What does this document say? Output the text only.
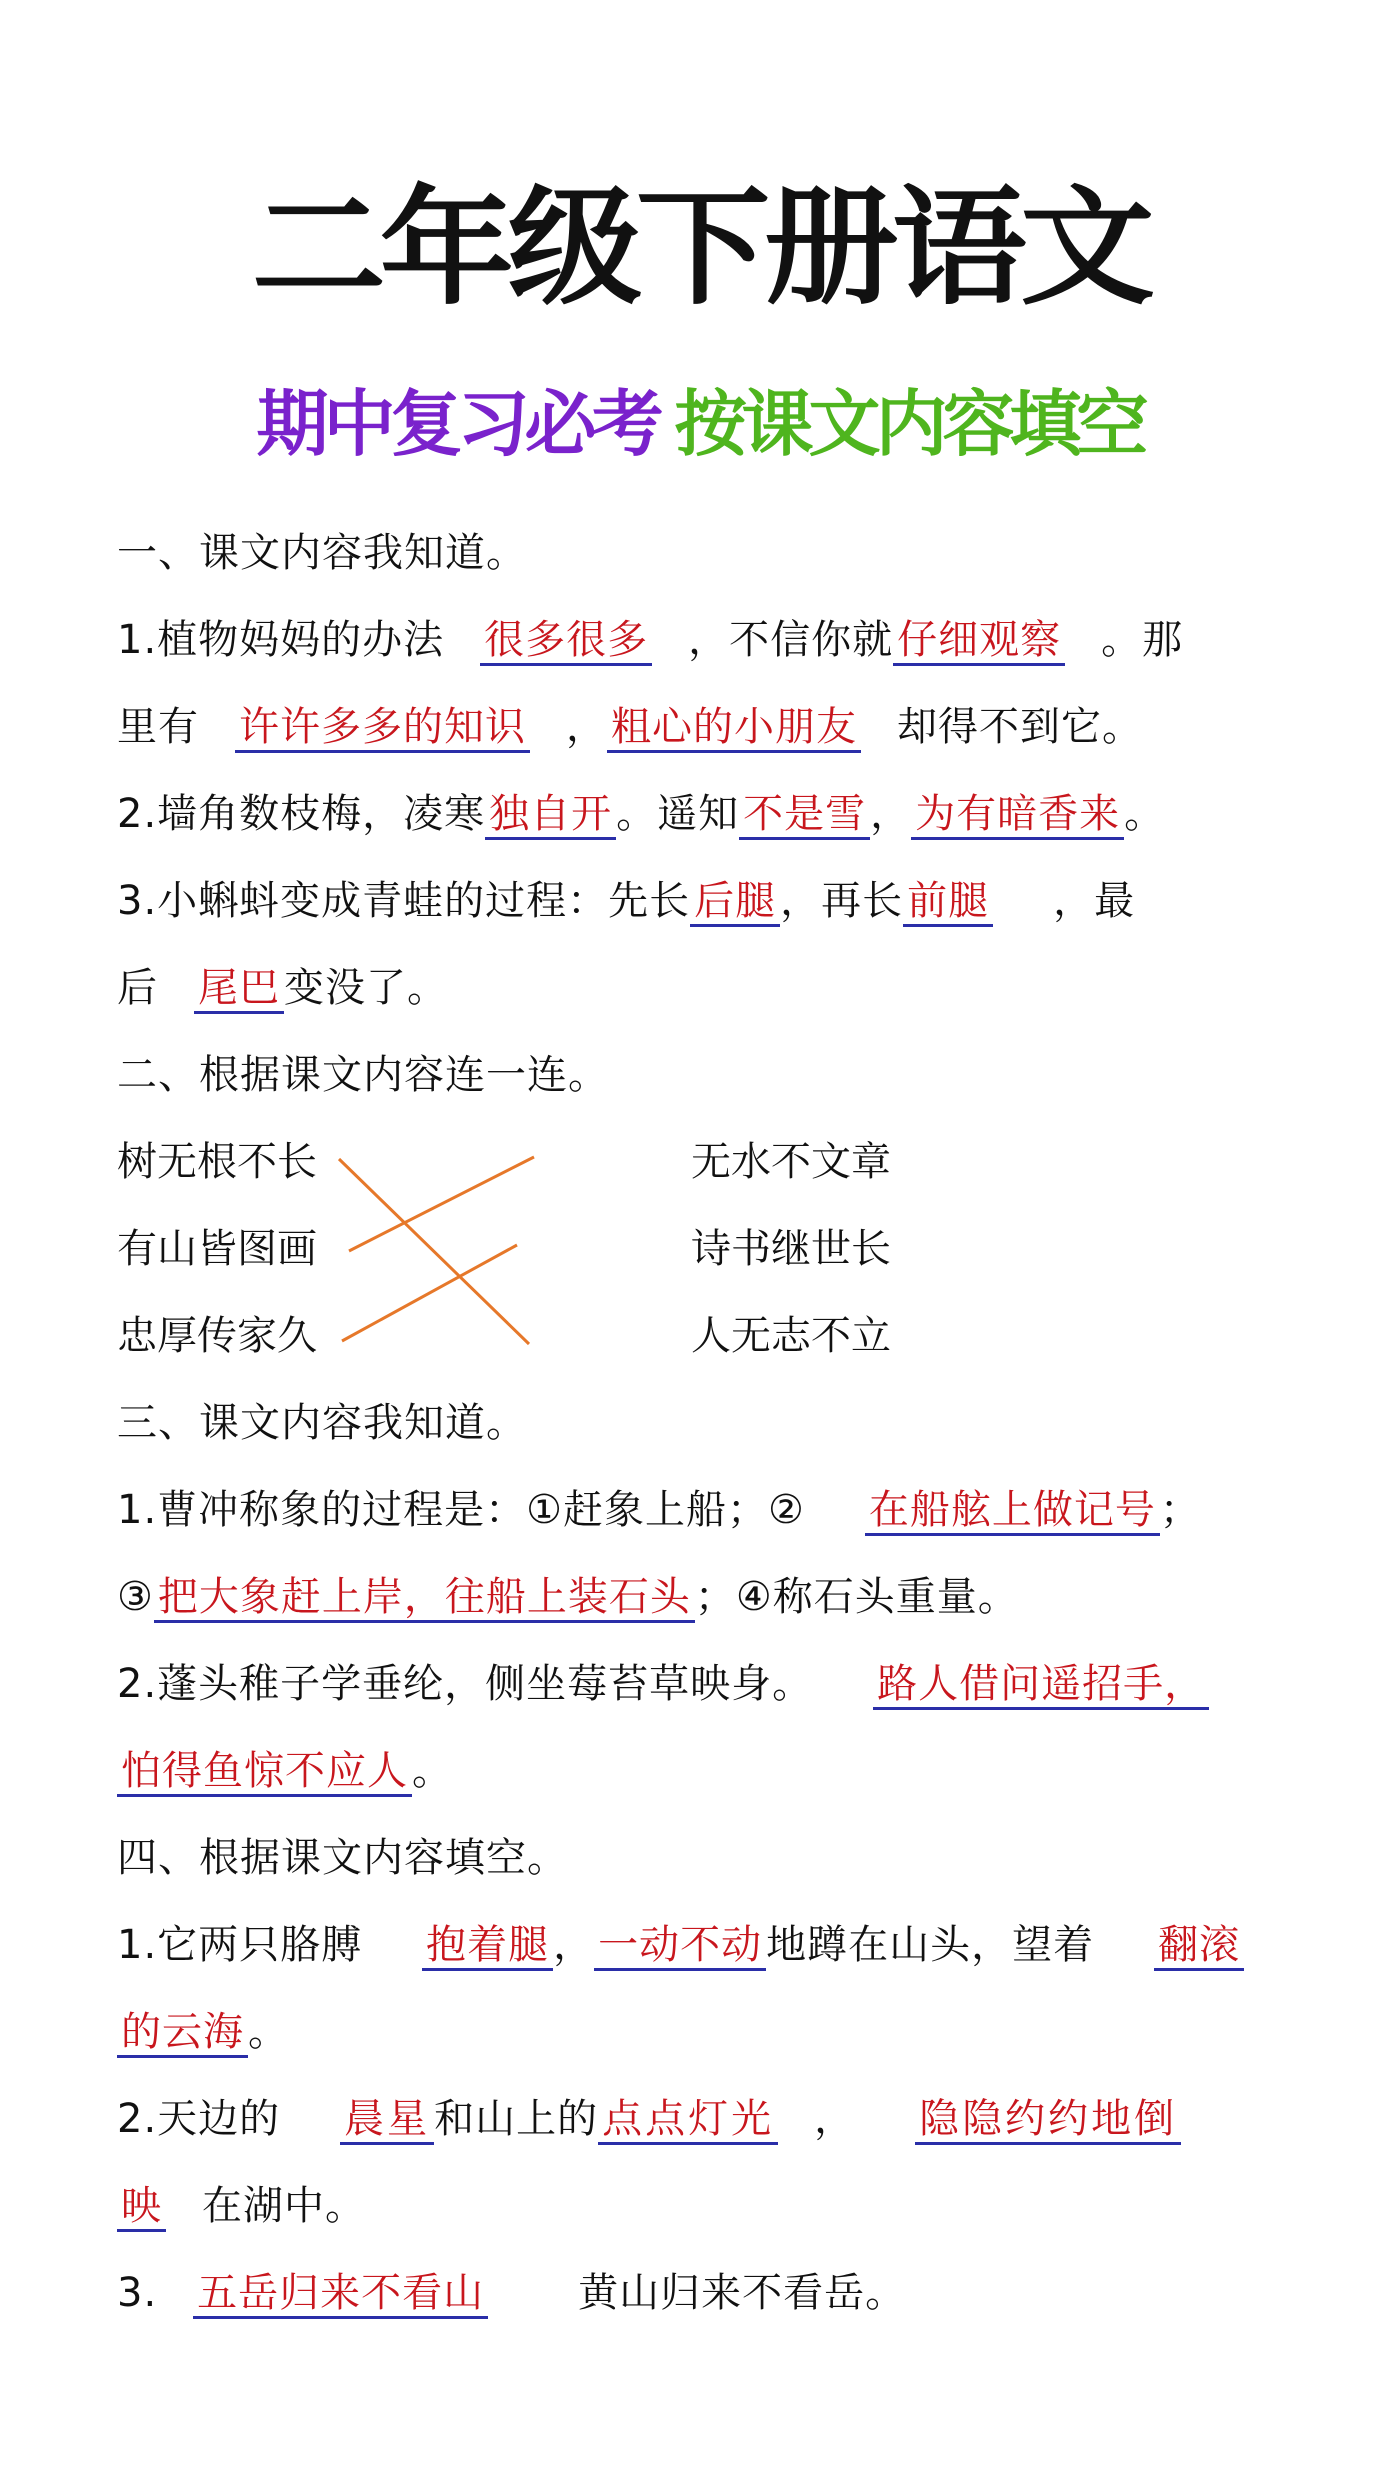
二年级下册语文
期中复习必考 按课文内容填空
一、课文内容我知道。
1.植物妈妈的办法 很多很多 ，不信你就 仔细观察 。那
里有 许许多多的知识 ， 粗心的小朋友 却得不到它。
2.墙角数枝梅，凌寒 独自开 。遥知 不是雪 ， 为有暗香来 。
3.小蝌蚪变成青蛙的过程：先长 后腿 ，再长 前腿 ，最
后 尾巴 变没了。
二、根据课文内容连一连。
树无根不长
有山皆图画
忠厚传家久
无水不文章
诗书继世长
人无志不立
三、课文内容我知道。
1.曹冲称象的过程是：①赶象上船；② 在船舷上做记号 ；
③ 把大象赶上岸，往船上装石头 ；④称石头重量。
2.蓬头稚子学垂纶，侧坐莓苔草映身。 路人借问遥招手，
怕得鱼惊不应人 。
四、根据课文内容填空。
1.它两只胳膊 抱着腿 ， 一动不动 地蹲在山头，望着 翻滚
的云海 。
2.天边的 晨星 和山上的 点点灯光 ， 隐隐约约地倒
映 在湖中。
3. 五岳归来不看山 黄山归来不看岳。
